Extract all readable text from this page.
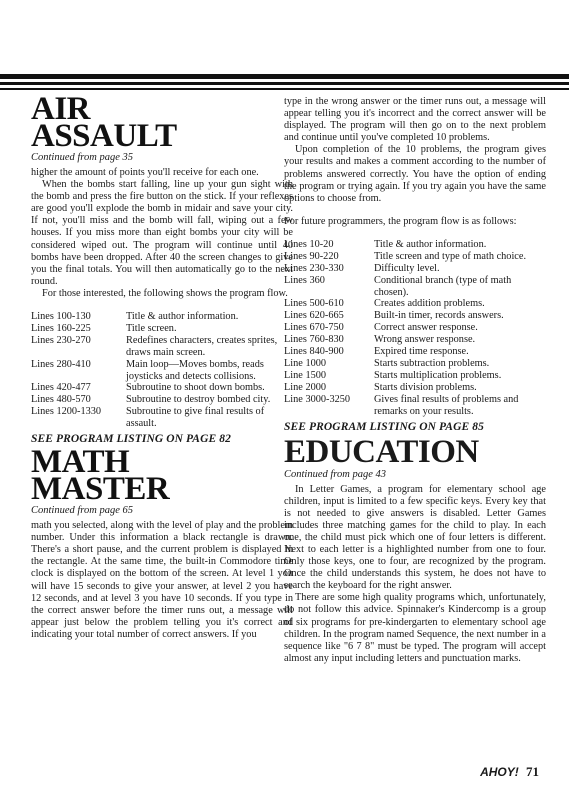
AIR
ASSAULT
Continued from page 35

higher the amount of points you'll receive for each one.

When the bombs start falling, line up your gun sight with the bomb and press the fire button on the stick. If your reflexes are good you'll explode the bomb in midair and save your city. If not, you'll miss and the bomb will fall, wiping out a few houses. If you miss more than eight bombs your city will be considered wiped out. The program will continue until 40 bombs have been dropped. After 40 the screen changes to give you the final totals. You will then automatically go to the next round.

For those interested, the following shows the program flow.

Lines 100-130	Title & author information.
Lines 160-225	Title screen.
Lines 230-270	Redefines characters, creates sprites, draws main screen.
Lines 280-410	Main loop—Moves bombs, reads joysticks and detects collisions.
Lines 420-477	Subroutine to shoot down bombs.
Lines 480-570	Subroutine to destroy bombed city.
Lines 1200-1330	Subroutine to give final results of assault.
SEE PROGRAM LISTING ON PAGE 82
MATH
MASTER
Continued from page 65

math you selected, along with the level of play and the problem number. Under this information a black rectangle is drawn. There's a short pause, and the current problem is displayed in the rectangle. At the same time, the built-in Commodore time clock is displayed on the bottom of the screen. At level 1 you will have 15 seconds to give your answer, at level 2 you have 12 seconds, and at level 3 you have 10 seconds. If you type in the correct answer before the timer runs out, a message will appear just below the problem telling you it's correct and indicating your total number of correct answers. If you

type in the wrong answer or the timer runs out, a message will appear telling you it's incorrect and the correct answer will be displayed. The program will then go on to the next problem and continue until you've completed 10 problems.

Upon completion of the 10 problems, the program gives your results and makes a comment according to the number of problems answered correctly. You have the option of ending the program or trying again. If you try again you have the same options to choose from.

For future programmers, the program flow is as follows:

Lines 10-20	Title & author information.
Lines 90-220	Title screen and type of math choice.
Lines 230-330	Difficulty level.
Lines 360	Conditional branch (type of math chosen).
Lines 500-610	Creates addition problems.
Lines 620-665	Built-in timer, records answers.
Lines 670-750	Correct answer response.
Lines 760-830	Wrong answer response.
Lines 840-900	Expired time response.
Line 1000	Starts subtraction problems.
Line 1500	Starts multiplication problems.
Line 2000	Starts division problems.
Line 3000-3250	Gives final results of problems and remarks on your results.
SEE PROGRAM LISTING ON PAGE 85
EDUCATION
Continued from page 43

In Letter Games, a program for elementary school age children, input is limited to a few specific keys. Every key that is not needed to give answers is disabled. Letter Games includes three matching games for the child to play. In each one, the child must pick which one of four letters is different. Next to each letter is a highlighted number from one to four. Only those keys, one to four, are recognized by the program. Once the child understands this system, he does not have to search the keyboard for the right answer.

There are some high quality programs which, unfortunately, do not follow this advice. Spinnaker's Kindercomp is a group of six programs for pre-kindergarten to elementary school age children. In the program named Sequence, the next number in a sequence like "6 7 8" must be typed. The program will accept almost any input including letters and punctuation marks.

AHOY! 71
